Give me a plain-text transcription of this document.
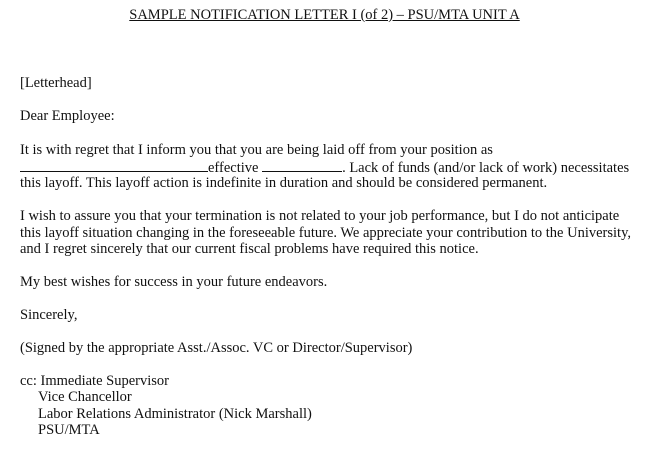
SAMPLE NOTIFICATION LETTER I (of 2) – PSU/MTA UNIT A
[Letterhead]
Dear Employee:
It is with regret that I inform you that you are being laid off from your position as
effective	. Lack of funds (and/or lack of work) necessitates
this layoff. This layoff action is indefinite in duration and should be considered permanent.
I wish to assure you that your termination is not related to your job performance, but I do not anticipate
this layoff situation changing in the foreseeable future. We appreciate your contribution to the University,
and I regret sincerely that our current fiscal problems have required this notice.
My best wishes for success in your future endeavors.
Sincerely,
(Signed by the appropriate Asst./Assoc. VC or Director/Supervisor)
cc: Immediate Supervisor
Vice Chancellor
Labor Relations Administrator (Nick Marshall)
PSU/MTA
